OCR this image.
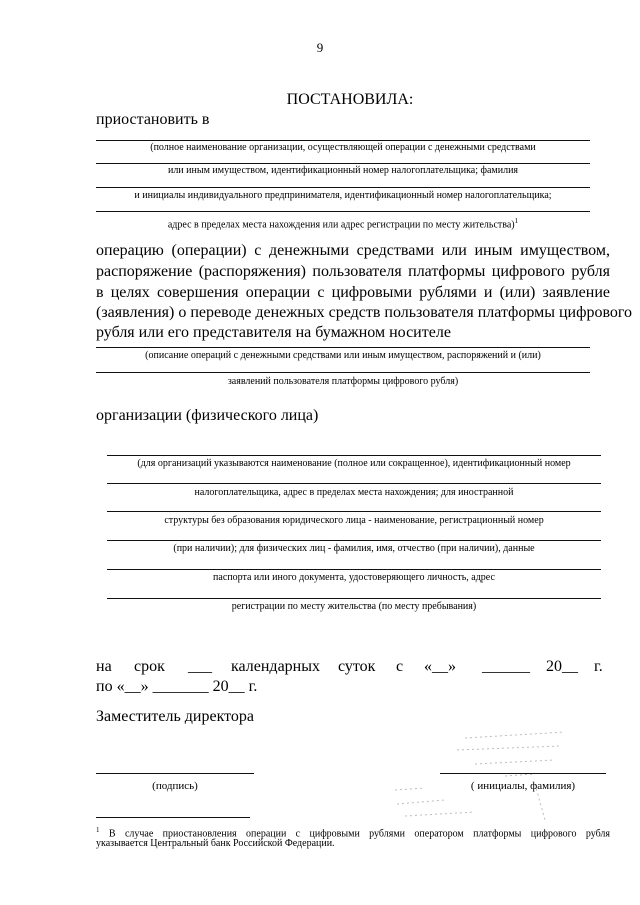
9
ПОСТАНОВИЛА:
приостановить в
(полное наименование организации, осуществляющей операции с денежными средствами
или иным имуществом, идентификационный номер налогоплательщика; фамилия
и инициалы индивидуального предпринимателя, идентификационный номер налогоплательщика;
адрес в пределах места нахождения или адрес регистрации по месту жительства)$^1$
операцию (операции) с денежными средствами или иным имуществом,
распоряжение (распоряжения) пользователя платформы цифрового рубля
в целях совершения операции с цифровыми рублями и (или) заявление
(заявления) о переводе денежных средств пользователя платформы цифрового
рубля или его представителя на бумажном носителе
(описание операций с денежными средствами или иным имуществом, распоряжений и (или)
заявлений пользователя платформы цифрового рубля)
организации (физического лица)
(для организаций указываются наименование (полное или сокращенное), идентификационный номер
налогоплательщика, адрес в пределах места нахождения; для иностранной
структуры без образования юридического лица - наименование, регистрационный номер
(при наличии); для физических лиц - фамилия, имя, отчество (при наличии), данные
паспорта или иного документа, удостоверяющего личность, адрес
регистрации по месту жительства (по месту пребывания)
на срок ___ календарных суток с «__» ______ 20__ г.
по «__» _______ 20__ г.
Заместитель директора
(подпись)	( инициалы, фамилия)
$^1$ В случае приостановления операции с цифровыми рублями оператором платформы цифрового рубля
указывается Центральный банк Российской Федерации.
